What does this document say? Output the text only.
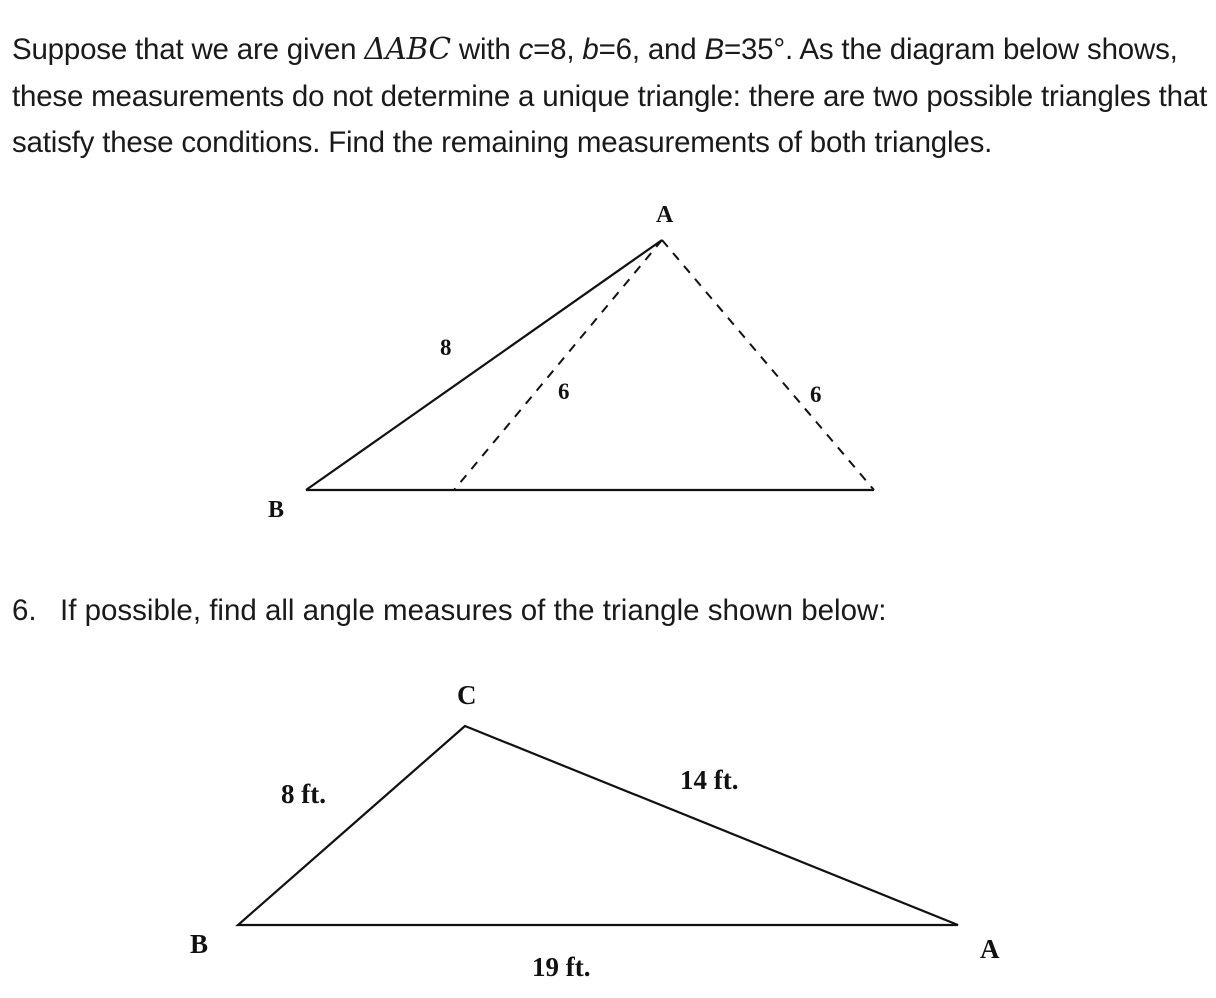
Suppose that we are given ΔABC with c=8, b=6, and B=35°. As the diagram below shows, these measurements do not determine a unique triangle: there are two possible triangles that satisfy these conditions. Find the remaining measurements of both triangles.

A
B
8
6	6
C
B	A
8 ft.	14 ft.
19 ft.

6. If possible, find all angle measures of the triangle shown below:
